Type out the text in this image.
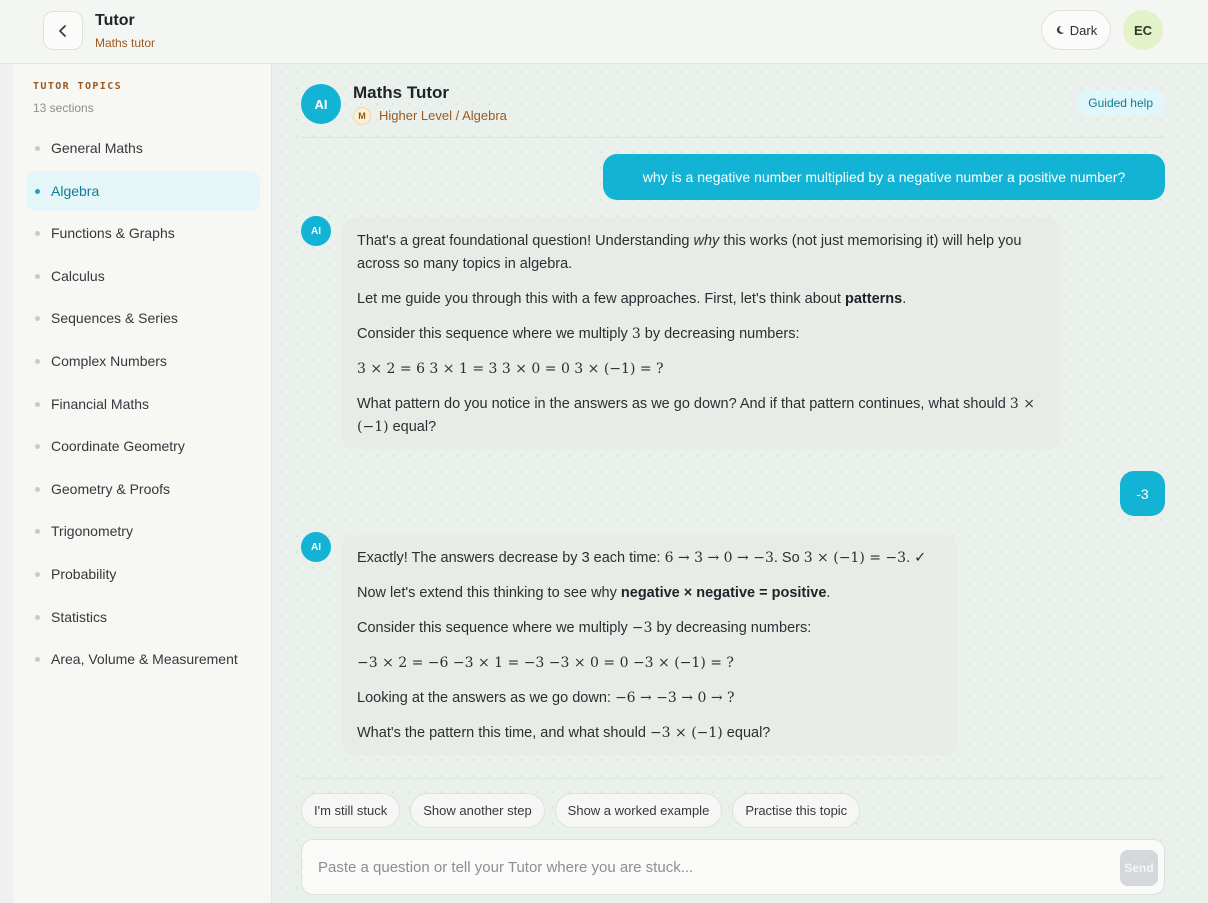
Tutor
Maths tutor
Dark	EC
TUTOR TOPICS
13 sections
General Maths
Algebra
Functions & Graphs
Calculus
Sequences & Series
Complex Numbers
Financial Maths
Coordinate Geometry
Geometry & Proofs
Trigonometry
Probability
Statistics
Area, Volume & Measurement
AI
Maths Tutor
M	Higher Level / Algebra
Guided help
why is a negative number multiplied by a negative number a positive number?
AI

That's a great foundational question! Understanding why this works (not just memorising it) will help you across so many topics in algebra.

Let me guide you through this with a few approaches. First, let's think about patterns.

Consider this sequence where we multiply 3 by decreasing numbers:

3 × 2 = 6 3 × 1 = 3 3 × 0 = 0 3 × (−1) = ?

What pattern do you notice in the answers as we go down? And if that pattern continues, what should 3 × (−1) equal?

-3
AI

Exactly! The answers decrease by 3 each time: 6 → 3 → 0 → −3. So 3 × (−1) = −3. ✓

Now let's extend this thinking to see why negative × negative = positive.

Consider this sequence where we multiply −3 by decreasing numbers:

−3 × 2 = −6 −3 × 1 = −3 −3 × 0 = 0 −3 × (−1) = ?

Looking at the answers as we go down: −6 → −3 → 0 → ?

What's the pattern this time, and what should −3 × (−1) equal?

I'm still stuck	Show another step	Show a worked example	Practise this topic
Paste a question or tell your Tutor where you are stuck...
Send
